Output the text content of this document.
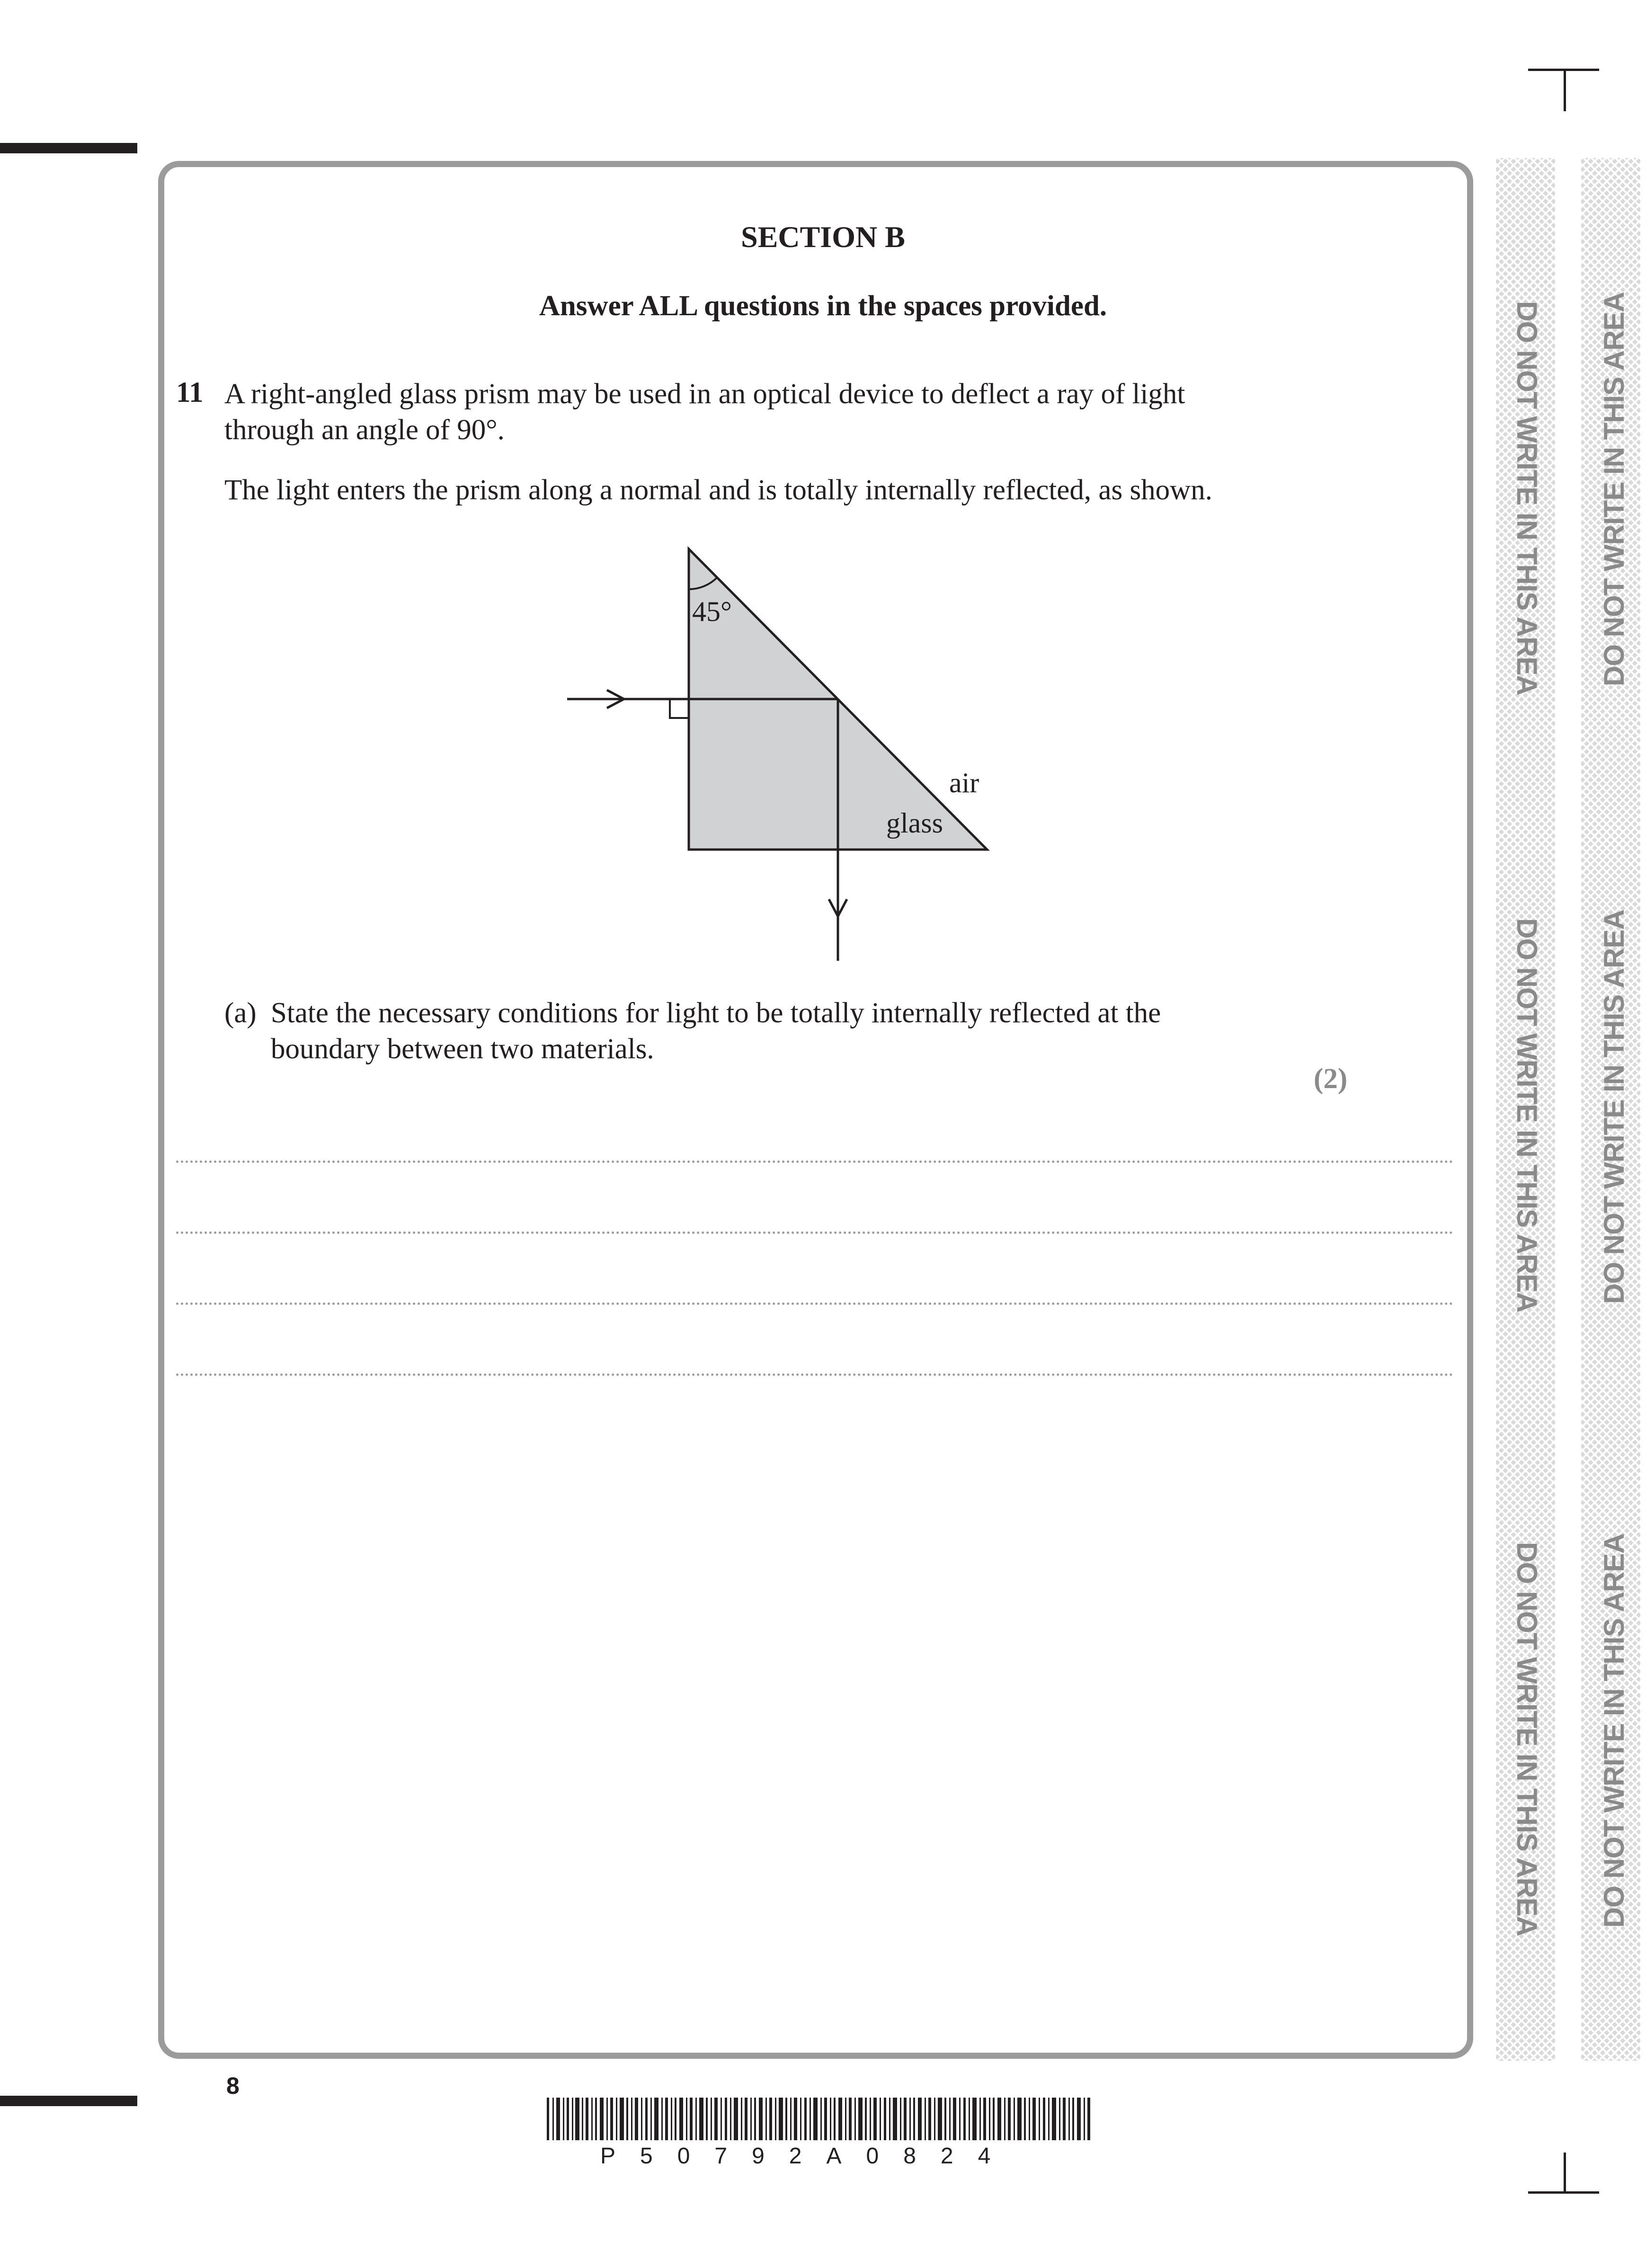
DO NOT WRITE IN THIS AREA
DO NOT WRITE IN THIS AREA
DO NOT WRITE IN THIS AREA
DO NOT WRITE IN THIS AREA
DO NOT WRITE IN THIS AREA
DO NOT WRITE IN THIS AREA
SECTION B
Answer ALL questions in the spaces provided.
11 A right-angled glass prism may be used in an optical device to deflect a ray of light
through an angle of 90°.
The light enters the prism along a normal and is totally internally reflected, as shown.
45°
air
glass
(a) State the necessary conditions for light to be totally internally reflected at the
boundary between two materials.
(2)
8
P50792A0824
